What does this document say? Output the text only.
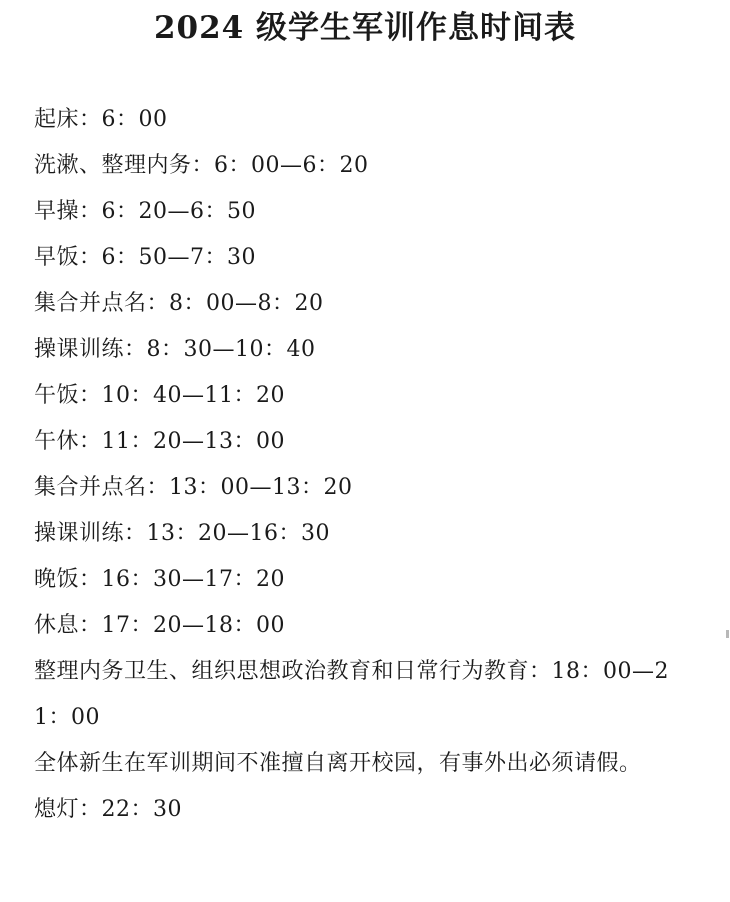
2024 级学生军训作息时间表
起床：6：00
洗漱、整理内务：6：00—6：20
早操：6：20—6：50
早饭：6：50—7：30
集合并点名：8：00—8：20
操课训练：8：30—10：40
午饭：10：40—11：20
午休：11：20—13：00
集合并点名：13：00—13：20
操课训练：13：20—16：30
晚饭：16：30—17：20
休息：17：20—18：00
整理内务卫生、组织思想政治教育和日常行为教育：18：00—21：00
全体新生在军训期间不准擅自离开校园，有事外出必须请假。
熄灯：22：30
